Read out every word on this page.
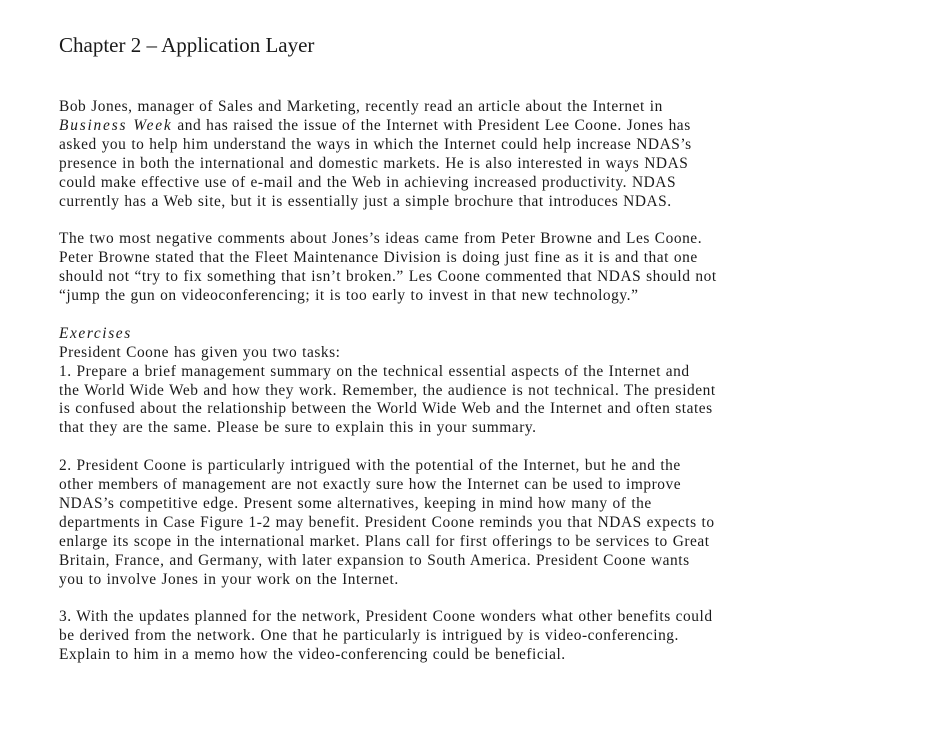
Chapter 2 – Application Layer

Bob Jones, manager of Sales and Marketing, recently read an article about the Internet in
Business Week and has raised the issue of the Internet with President Lee Coone. Jones has
asked you to help him understand the ways in which the Internet could help increase NDAS’s
presence in both the international and domestic markets. He is also interested in ways NDAS
could make effective use of e-mail and the Web in achieving increased productivity. NDAS
currently has a Web site, but it is essentially just a simple brochure that introduces NDAS.

The two most negative comments about Jones’s ideas came from Peter Browne and Les Coone.
Peter Browne stated that the Fleet Maintenance Division is doing just fine as it is and that one
should not “try to fix something that isn’t broken.” Les Coone commented that NDAS should not
“jump the gun on videoconferencing; it is too early to invest in that new technology.”

Exercises
President Coone has given you two tasks:
1. Prepare a brief management summary on the technical essential aspects of the Internet and
the World Wide Web and how they work. Remember, the audience is not technical. The president
is confused about the relationship between the World Wide Web and the Internet and often states
that they are the same. Please be sure to explain this in your summary.

2. President Coone is particularly intrigued with the potential of the Internet, but he and the
other members of management are not exactly sure how the Internet can be used to improve
NDAS’s competitive edge. Present some alternatives, keeping in mind how many of the
departments in Case Figure 1-2 may benefit. President Coone reminds you that NDAS expects to
enlarge its scope in the international market. Plans call for first offerings to be services to Great
Britain, France, and Germany, with later expansion to South America. President Coone wants
you to involve Jones in your work on the Internet.

3. With the updates planned for the network, President Coone wonders what other benefits could
be derived from the network. One that he particularly is intrigued by is video-conferencing.
Explain to him in a memo how the video-conferencing could be beneficial.
